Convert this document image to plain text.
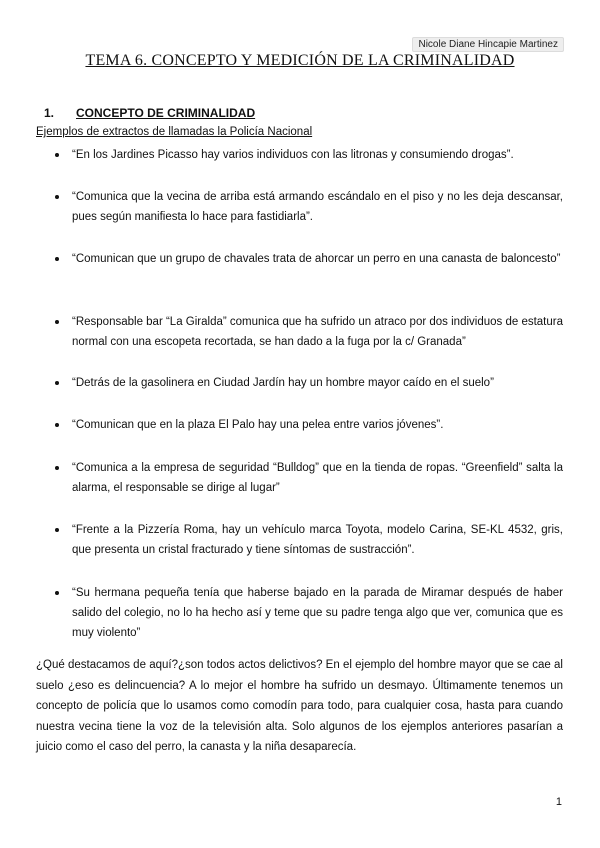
Nicole Diane Hincapie Martinez
TEMA 6. CONCEPTO Y MEDICIÓN DE LA CRIMINALIDAD
1. CONCEPTO DE CRIMINALIDAD
Ejemplos de extractos de llamadas la Policía Nacional
“En los Jardines Picasso hay varios individuos con las litronas y consumiendo drogas”.
“Comunica que la vecina de arriba está armando escándalo en el piso y no les deja descansar, pues según manifiesta lo hace para fastidiarla”.
“Comunican que un grupo de chavales trata de ahorcar un perro en una canasta de baloncesto”
“Responsable bar “La Giralda” comunica que ha sufrido un atraco por dos individuos de estatura normal con una escopeta recortada, se han dado a la fuga por la c/ Granada”
“Detrás de la gasolinera en Ciudad Jardín hay un hombre mayor caído en el suelo”
“Comunican que en la plaza El Palo hay una pelea entre varios jóvenes”.
“Comunica a la empresa de seguridad “Bulldog” que en la tienda de ropas. “Greenfield” salta la alarma, el responsable se dirige al lugar”
“Frente a la Pizzería Roma, hay un vehículo marca Toyota, modelo Carina, SE-KL 4532, gris, que presenta un cristal fracturado y tiene síntomas de sustracción”.
“Su hermana pequeña tenía que haberse bajado en la parada de Miramar después de haber salido del colegio, no lo ha hecho así y teme que su padre tenga algo que ver, comunica que es muy violento”

¿Qué destacamos de aquí?¿son todos actos delictivos? En el ejemplo del hombre mayor que se cae al suelo ¿eso es delincuencia? A lo mejor el hombre ha sufrido un desmayo. Últimamente tenemos un concepto de policía que lo usamos como comodín para todo, para cualquier cosa, hasta para cuando nuestra vecina tiene la voz de la televisión alta. Solo algunos de los ejemplos anteriores pasarían a juicio como el caso del perro, la canasta y la niña desaparecía.

1
